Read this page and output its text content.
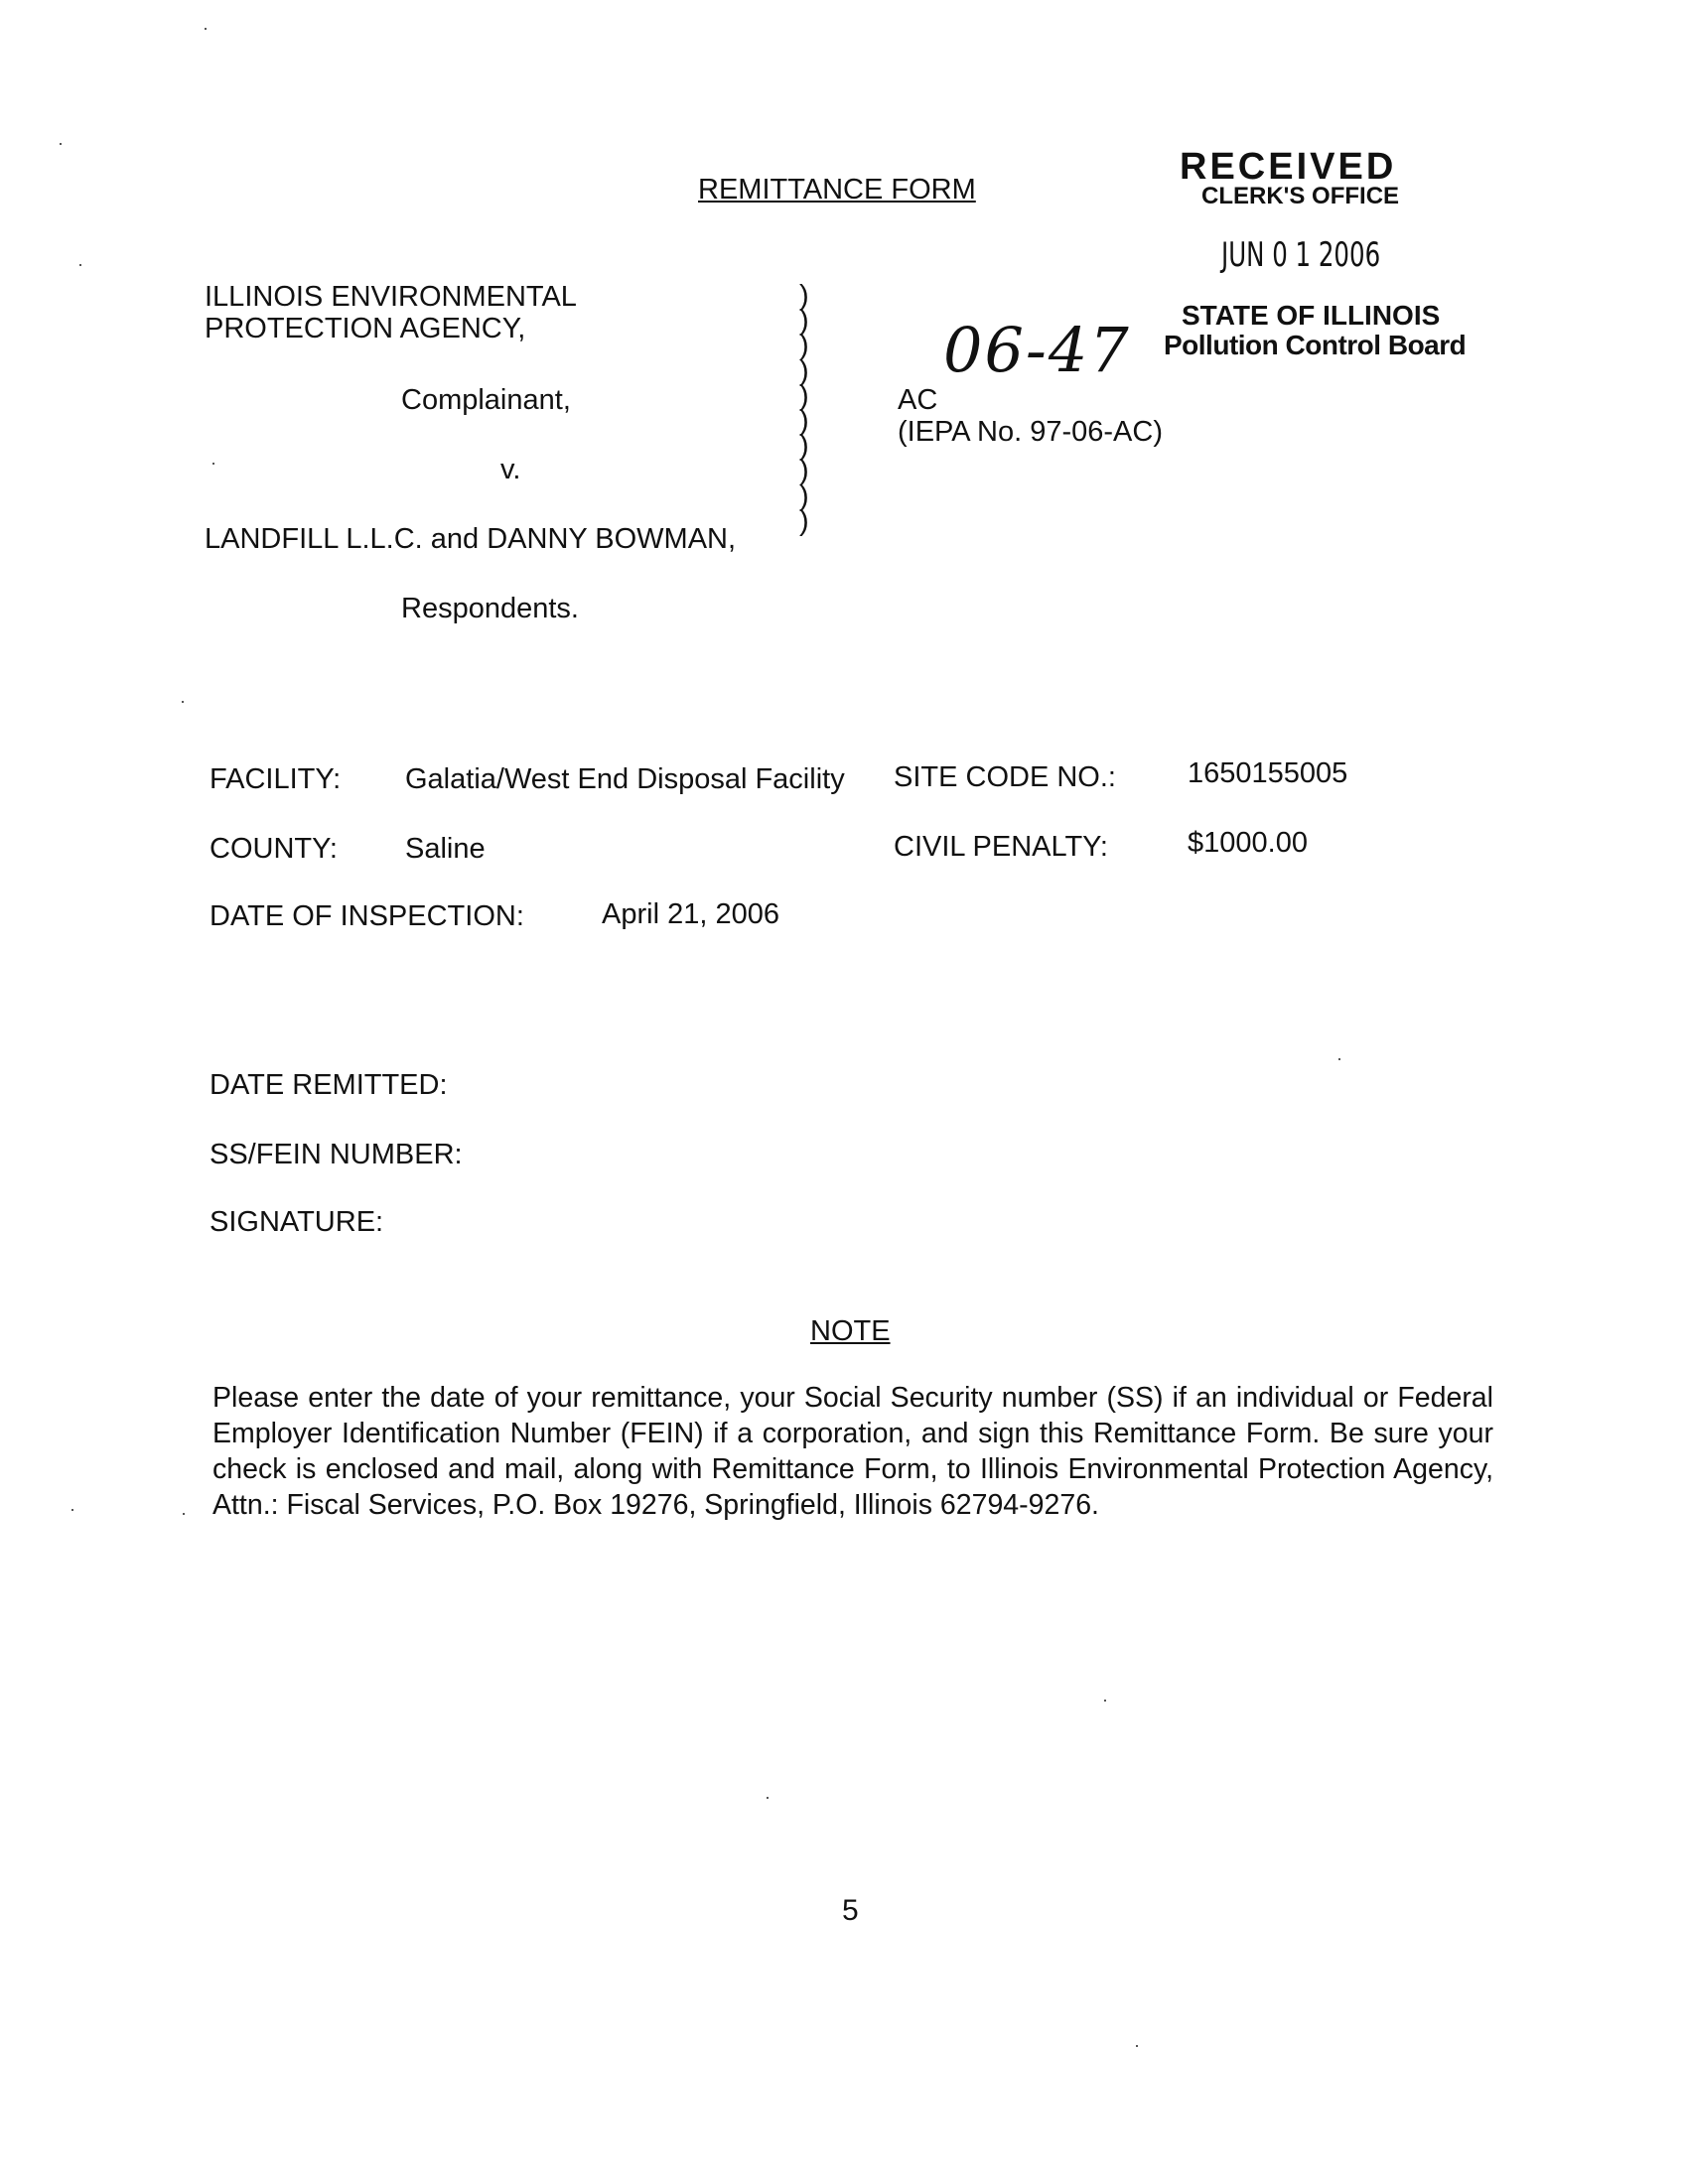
REMITTANCE FORM
RECEIVED
CLERK'S OFFICE
JUN 0 1 2006
STATE OF ILLINOIS
Pollution Control Board
ILLINOIS ENVIRONMENTAL
PROTECTION AGENCY,
Complainant,
v.
LANDFILL L.L.C. and DANNY BOWMAN,
Respondents.
)
)
)
)
)
)
)
)
)
)
AC
06-47
(IEPA No. 97-06-AC)
FACILITY: Galatia/West End Disposal Facility SITE CODE NO.: 1650155005
COUNTY: Saline	CIVIL PENALTY:	$1000.00
DATE OF INSPECTION:	April 21, 2006
DATE REMITTED:
SS/FEIN NUMBER:
SIGNATURE:
NOTE
Please enter the date of your remittance, your Social Security number (SS) if an individual or Federal Employer Identification Number (FEIN) if a corporation, and sign this Remittance Form. Be sure your check is enclosed and mail, along with Remittance Form, to Illinois Environmental Protection Agency, Attn.: Fiscal Services, P.O. Box 19276, Springfield, Illinois 62794-9276.
5
